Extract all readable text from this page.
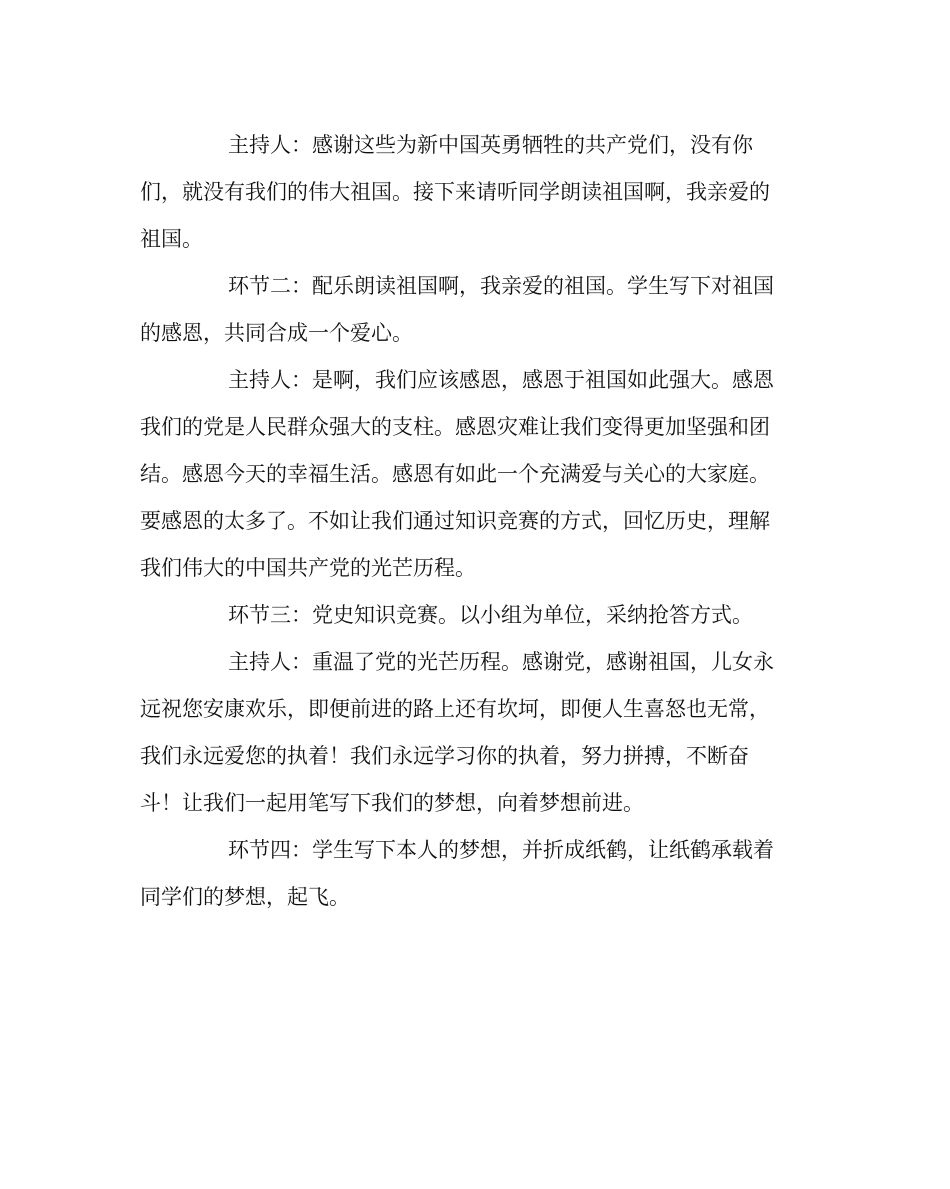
主持人：感谢这些为新中国英勇牺牲的共产党们，没有你
们，就没有我们的伟大祖国。接下来请听同学朗读祖国啊，我亲爱的
祖国。
环节二：配乐朗读祖国啊，我亲爱的祖国。学生写下对祖国
的感恩，共同合成一个爱心。
主持人：是啊，我们应该感恩，感恩于祖国如此强大。感恩
我们的党是人民群众强大的支柱。感恩灾难让我们变得更加坚强和团
结。感恩今天的幸福生活。感恩有如此一个充满爱与关心的大家庭。
要感恩的太多了。不如让我们通过知识竞赛的方式，回忆历史，理解
我们伟大的中国共产党的光芒历程。
环节三：党史知识竞赛。以小组为单位，采纳抢答方式。
主持人：重温了党的光芒历程。感谢党，感谢祖国，儿女永
远祝您安康欢乐，即便前进的路上还有坎坷，即便人生喜怒也无常，
我们永远爱您的执着！我们永远学习你的执着，努力拼搏，不断奋
斗！让我们一起用笔写下我们的梦想，向着梦想前进。
环节四：学生写下本人的梦想，并折成纸鹤，让纸鹤承载着
同学们的梦想，起飞。
